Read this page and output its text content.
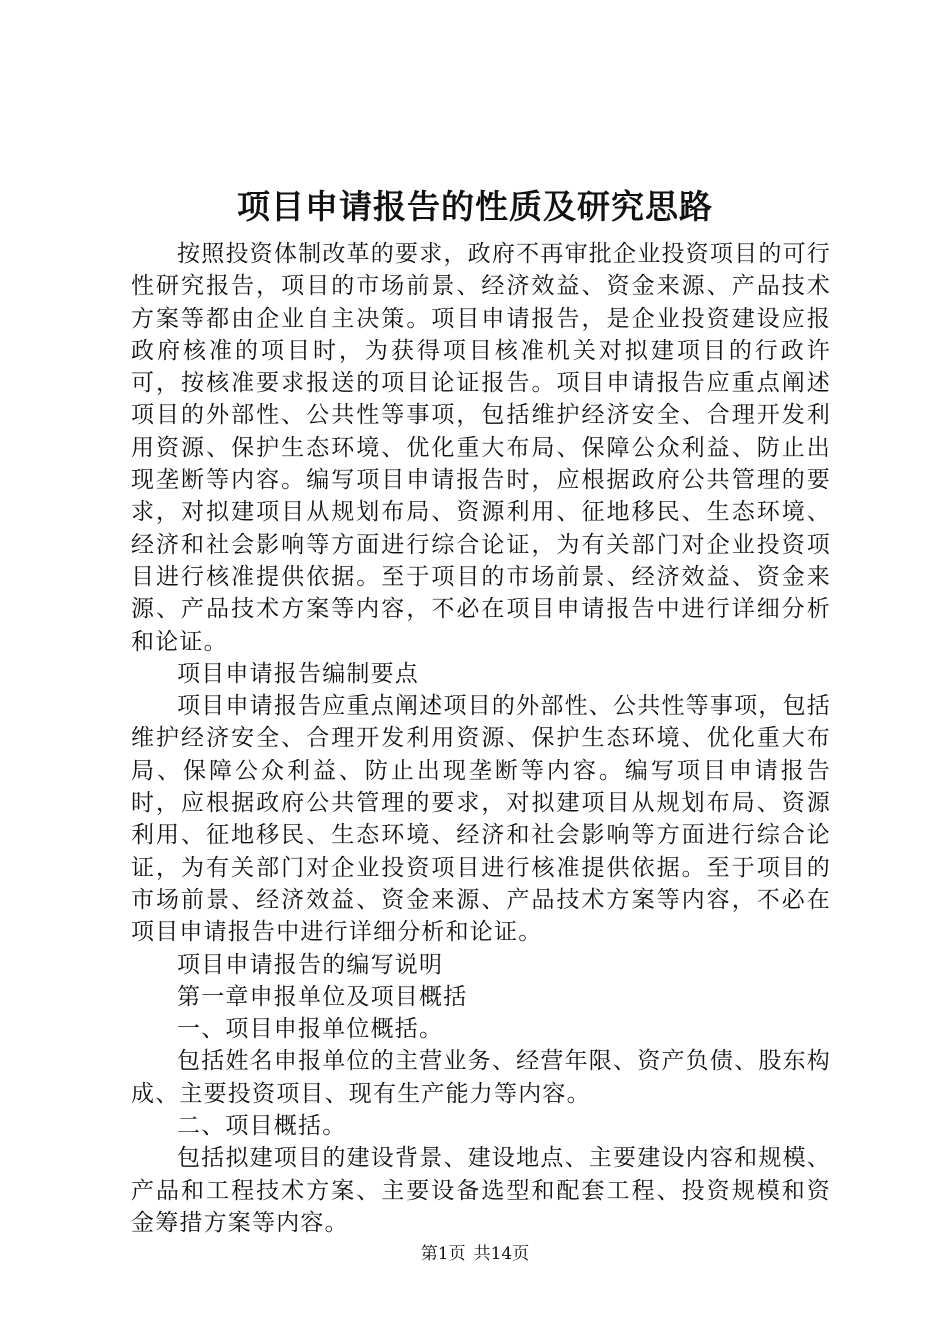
项目申请报告的性质及研究思路

按照投资体制改革的要求，政府不再审批企业投资项目的可行性研究报告，项目的市场前景、经济效益、资金来源、产品技术方案等都由企业自主决策。项目申请报告，是企业投资建设应报政府核准的项目时，为获得项目核准机关对拟建项目的行政许可，按核准要求报送的项目论证报告。项目申请报告应重点阐述项目的外部性、公共性等事项，包括维护经济安全、合理开发利用资源、保护生态环境、优化重大布局、保障公众利益、防止出现垄断等内容。编写项目申请报告时，应根据政府公共管理的要求，对拟建项目从规划布局、资源利用、征地移民、生态环境、经济和社会影响等方面进行综合论证，为有关部门对企业投资项目进行核准提供依据。至于项目的市场前景、经济效益、资金来源、产品技术方案等内容，不必在项目申请报告中进行详细分析和论证。

项目申请报告编制要点

项目申请报告应重点阐述项目的外部性、公共性等事项，包括维护经济安全、合理开发利用资源、保护生态环境、优化重大布局、保障公众利益、防止出现垄断等内容。编写项目申请报告时，应根据政府公共管理的要求，对拟建项目从规划布局、资源利用、征地移民、生态环境、经济和社会影响等方面进行综合论证，为有关部门对企业投资项目进行核准提供依据。至于项目的市场前景、经济效益、资金来源、产品技术方案等内容，不必在项目申请报告中进行详细分析和论证。

项目申请报告的编写说明

第一章申报单位及项目概括

一、项目申报单位概括。

包括姓名申报单位的主营业务、经营年限、资产负债、股东构成、主要投资项目、现有生产能力等内容。

二、项目概括。

包括拟建项目的建设背景、建设地点、主要建设内容和规模、产品和工程技术方案、主要设备选型和配套工程、投资规模和资金筹措方案等内容。

第1页 共14页
